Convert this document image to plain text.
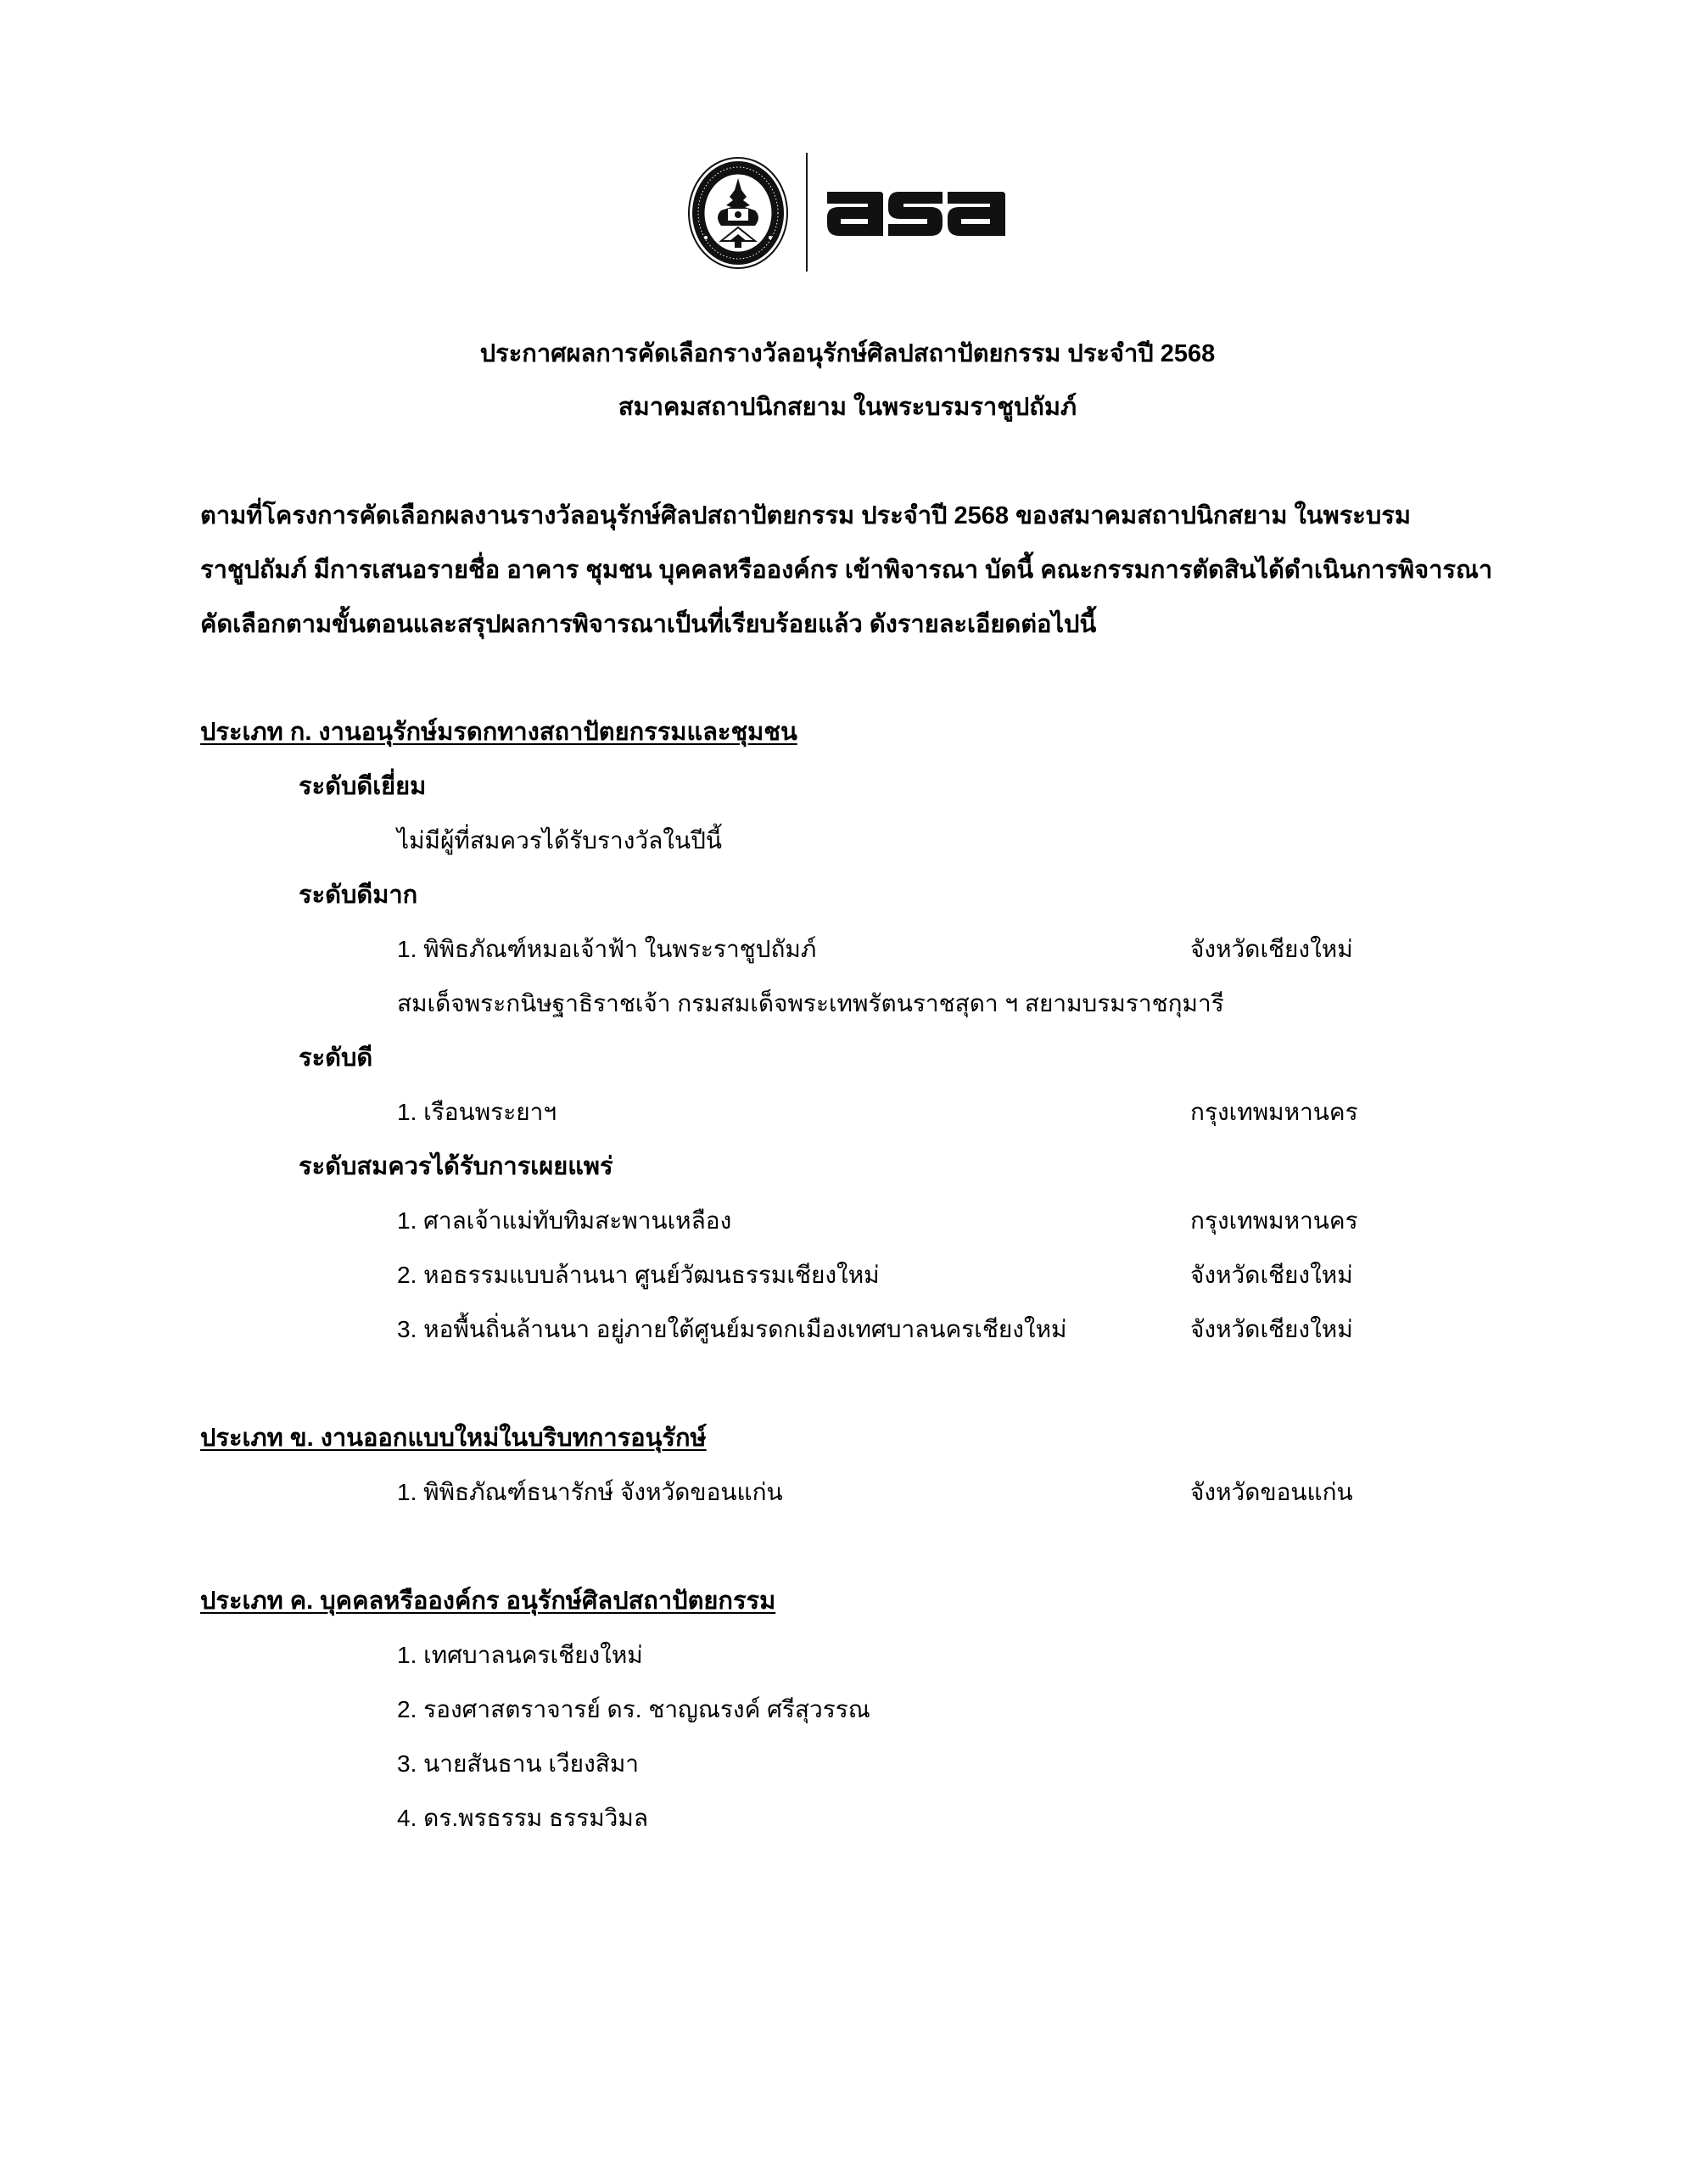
ประกาศผลการคัดเลือกรางวัลอนุรักษ์ศิลปสถาปัตยกรรม ประจำปี 2568
สมาคมสถาปนิกสยาม ในพระบรมราชูปถัมภ์
ตามที่โครงการคัดเลือกผลงานรางวัลอนุรักษ์ศิลปสถาปัตยกรรม ประจำปี 2568 ของสมาคมสถาปนิกสยาม ในพระบรม
ราชูปถัมภ์ มีการเสนอรายชื่อ อาคาร ชุมชน บุคคลหรือองค์กร เข้าพิจารณา บัดนี้ คณะกรรมการตัดสินได้ดำเนินการพิจารณา
คัดเลือกตามขั้นตอนและสรุปผลการพิจารณาเป็นที่เรียบร้อยแล้ว ดังรายละเอียดต่อไปนี้
ประเภท ก. งานอนุรักษ์มรดกทางสถาปัตยกรรมและชุมชน
ระดับดีเยี่ยม
ไม่มีผู้ที่สมควรได้รับรางวัลในปีนี้
ระดับดีมาก
1. พิพิธภัณฑ์หมอเจ้าฟ้า ในพระราชูปถัมภ์	จังหวัดเชียงใหม่
สมเด็จพระกนิษฐาธิราชเจ้า กรมสมเด็จพระเทพรัตนราชสุดา ฯ สยามบรมราชกุมารี
ระดับดี
1. เรือนพระยาฯ	กรุงเทพมหานคร
ระดับสมควรได้รับการเผยแพร่
1. ศาลเจ้าแม่ทับทิมสะพานเหลือง	กรุงเทพมหานคร
2. หอธรรมแบบล้านนา ศูนย์วัฒนธรรมเชียงใหม่	จังหวัดเชียงใหม่
3. หอพื้นถิ่นล้านนา อยู่ภายใต้ศูนย์มรดกเมืองเทศบาลนครเชียงใหม่	จังหวัดเชียงใหม่
ประเภท ข. งานออกแบบใหม่ในบริบทการอนุรักษ์
1. พิพิธภัณฑ์ธนารักษ์ จังหวัดขอนแก่น	จังหวัดขอนแก่น
ประเภท ค. บุคคลหรือองค์กร อนุรักษ์ศิลปสถาปัตยกรรม
1. เทศบาลนครเชียงใหม่
2. รองศาสตราจารย์ ดร. ชาญณรงค์ ศรีสุวรรณ
3. นายสันธาน เวียงสิมา
4. ดร.พรธรรม ธรรมวิมล
